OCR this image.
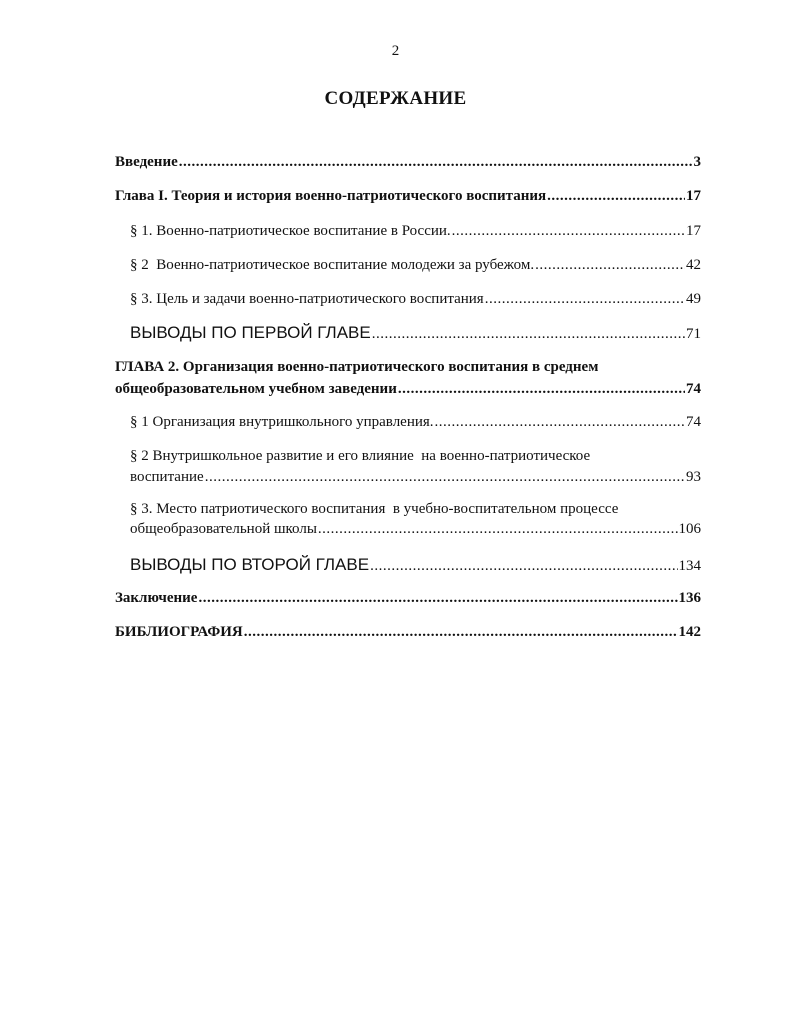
2
СОДЕРЖАНИЕ
Введение .....	3
Глава I. Теория и история военно-патриотического воспитания .....	17
§ 1. Военно-патриотическое воспитание в России. .....	17
§ 2  Военно-патриотическое воспитание молодежи за рубежом. .....	42
§ 3. Цель и задачи военно-патриотического воспитания .....	49
ВЫВОДЫ ПО ПЕРВОЙ ГЛАВЕ .....	71
ГЛАВА 2. Организация военно-патриотического воспитания в среднем
общеобразовательном учебном заведении .....	74
§ 1 Организация внутришкольного управления. .....	74
§ 2 Внутришкольное развитие и его влияние  на военно-патриотическое
воспитание .....	93
§ 3. Место патриотического воспитания  в учебно-воспитательном процессе
общеобразовательной школы .....	106
ВЫВОДЫ ПО ВТОРОЙ ГЛАВЕ .....	134
Заключение .....	136
БИБЛИОГРАФИЯ .....	142
